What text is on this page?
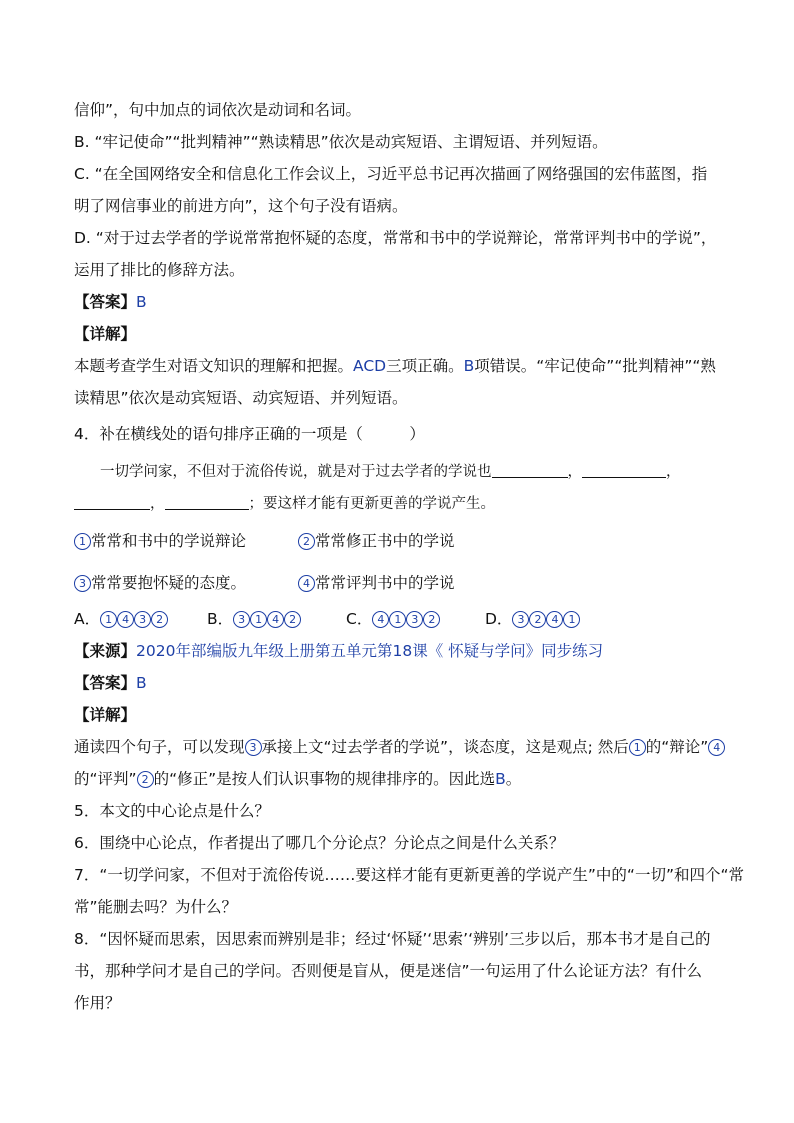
信仰”，句中加点的词依次是动词和名词。
B. “牢记使命”“批判精神”“熟读精思”依次是动宾短语、主谓短语、并列短语。
C. “在全国网络安全和信息化工作会议上，习近平总书记再次描画了网络强国的宏伟蓝图，指
明了网信事业的前进方向”，这个句子没有语病。
D. “对于过去学者的学说常常抱怀疑的态度，常常和书中的学说辩论，常常评判书中的学说”，
运用了排比的修辞方法。
【答案】B
【详解】
本题考查学生对语文知识的理解和把握。ACD三项正确。B项错误。“牢记使命”“批判精神”“熟
读精思”依次是动宾短语、动宾短语、并列短语。
4．补在横线处的语句排序正确的一项是（　　　）
一切学问家，不但对于流俗传说，就是对于过去学者的学说也	，	，
，	；要这样才能有更新更善的学说产生。
1 常常和书中的学说辩论	2 常常修正书中的学说
3 常常要抱怀疑的态度。	4 常常评判书中的学说
A． 1 4 3 2	B． 3 1 4 2	C． 4 1 3 2	D． 3 2 4 1
【来源】2020年部编版九年级上册第五单元第18课《 怀疑与学问》同步练习
【答案】B
【详解】
通读四个句子，可以发现 3 承接上文“过去学者的学说”，谈态度，这是观点; 然后 1 的“辩论” 4
的“评判” 2 的“修正”是按人们认识事物的规律排序的。因此选B。
5．本文的中心论点是什么？
6．围绕中心论点，作者提出了哪几个分论点？分论点之间是什么关系？
7．“一切学问家，不但对于流俗传说……要这样才能有更新更善的学说产生”中的“一切”和四个“常
常”能删去吗？为什么？
8．“因怀疑而思索，因思索而辨别是非；经过‘怀疑’‘思索’‘辨别’三步以后，那本书才是自己的
书，那种学问才是自己的学问。否则便是盲从，便是迷信”一句运用了什么论证方法？有什么
作用？
